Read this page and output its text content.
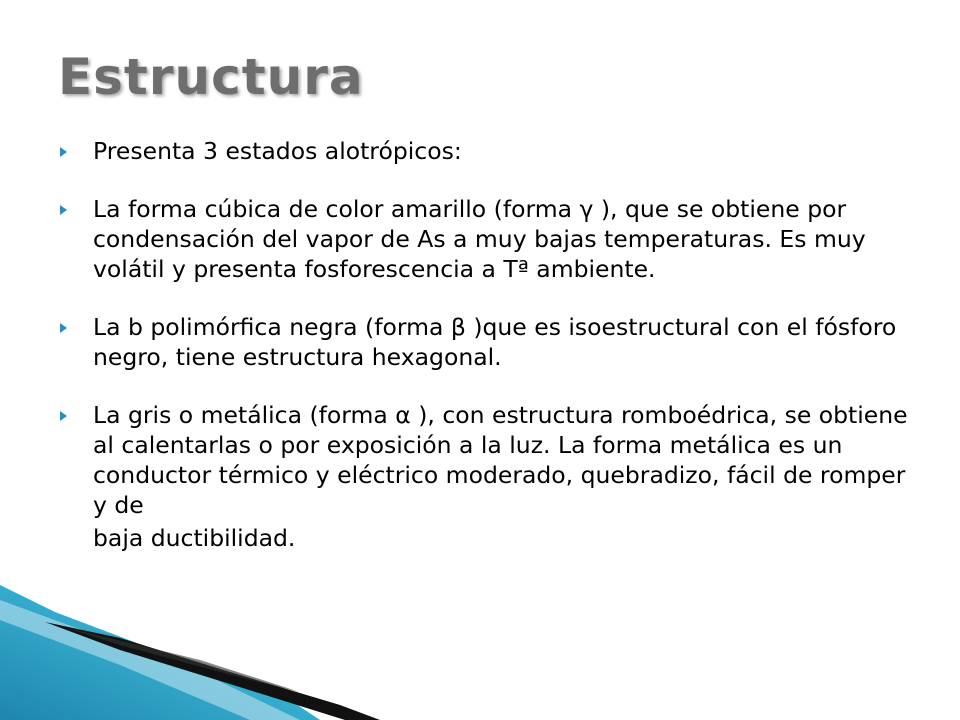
Estructura
Presenta 3 estados alotrópicos:
La forma cúbica de color amarillo (forma γ ), que se obtiene por condensación del vapor de As a muy bajas temperaturas. Es muy volátil y presenta fosforescencia a Tª ambiente.
La b polimórfica negra (forma β )que es isoestructural con el fósforo negro, tiene estructura hexagonal.
La gris o metálica (forma α ), con estructura romboédrica, se obtiene al calentarlas o por exposición a la luz. La forma metálica es un conductor térmico y eléctrico moderado, quebradizo, fácil de romper y de
baja ductibilidad.
